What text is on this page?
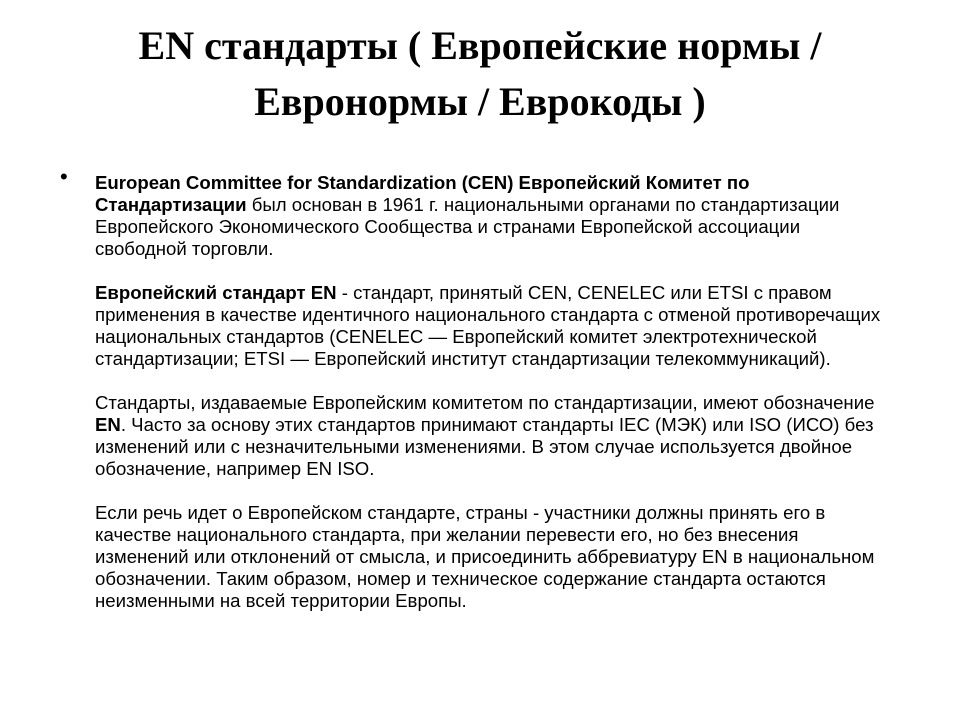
EN стандарты ( Европейские нормы /
Евронормы / Еврокоды )
• European Committee for Standardization (CEN) Европейский Комитет по Стандартизации был основан в 1961 г. национальными органами по стандартизации Европейского Экономического Сообщества и странами Европейской ассоциации свободной торговли.

Европейский стандарт EN - стандарт, принятый CEN, CENELEC или ETSI с правом применения в качестве идентичного национального стандарта с отменой противоречащих национальных стандартов (CENELEC — Европейский комитет электротехнической стандартизации; ETSI — Европейский институт стандартизации телекоммуникаций).

Стандарты, издаваемые Европейским комитетом по стандартизации, имеют обозначение EN. Часто за основу этих стандартов принимают стандарты IEC (МЭК) или ISO (ИСО) без изменений или с незначительными изменениями. В этом случае используется двойное обозначение, например EN ISO.

Если речь идет о Европейском стандарте, страны - участники должны принять его в качестве национального стандарта, при желании перевести его, но без внесения изменений или отклонений от смысла, и присоединить аббревиатуру EN в национальном обозначении. Таким образом, номер и техническое содержание стандарта остаются неизменными на всей территории Европы.
